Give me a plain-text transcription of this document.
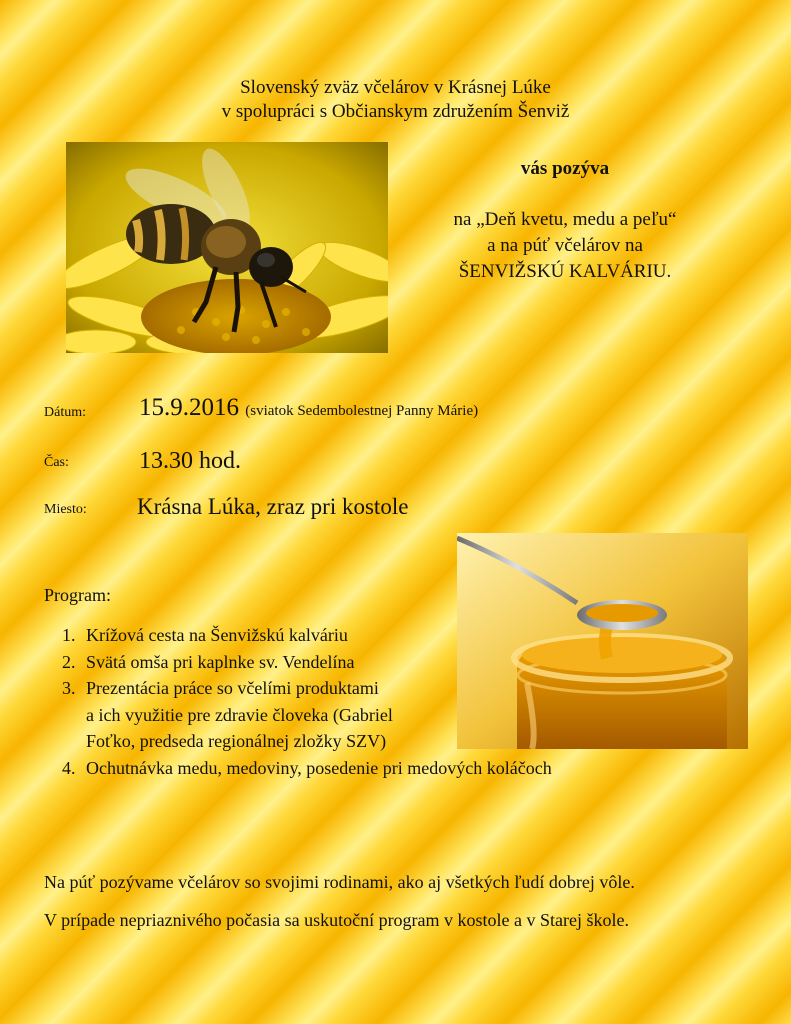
Slovenský zväz včelárov v Krásnej Lúke
v spolupráci s Občianskym združením Šenviž
vás pozýva
na „Deň kvetu, medu a peľu“
a na púť včelárov na
ŠENVIŽSKÚ KALVÁRIU.
Dátum: 15.9.2016 (sviatok Sedembolestnej Panny Márie)
Čas:	13.30 hod.
Miesto: Krásna Lúka, zraz pri kostole
Program:
1. Krížová cesta na Šenvižskú kalváriu
2. Svätá omša pri kaplnke sv. Vendelína
3. Prezentácia práce so včelími produktami
a ich využitie pre zdravie človeka (Gabriel
Foťko, predseda regionálnej zložky SZV)
4. Ochutnávka medu, medoviny, posedenie pri medových koláčoch
Na púť pozývame včelárov so svojimi rodinami, ako aj všetkých ľudí dobrej vôle.
V prípade nepriaznivého počasia sa uskutoční program v kostole a v Starej škole.
